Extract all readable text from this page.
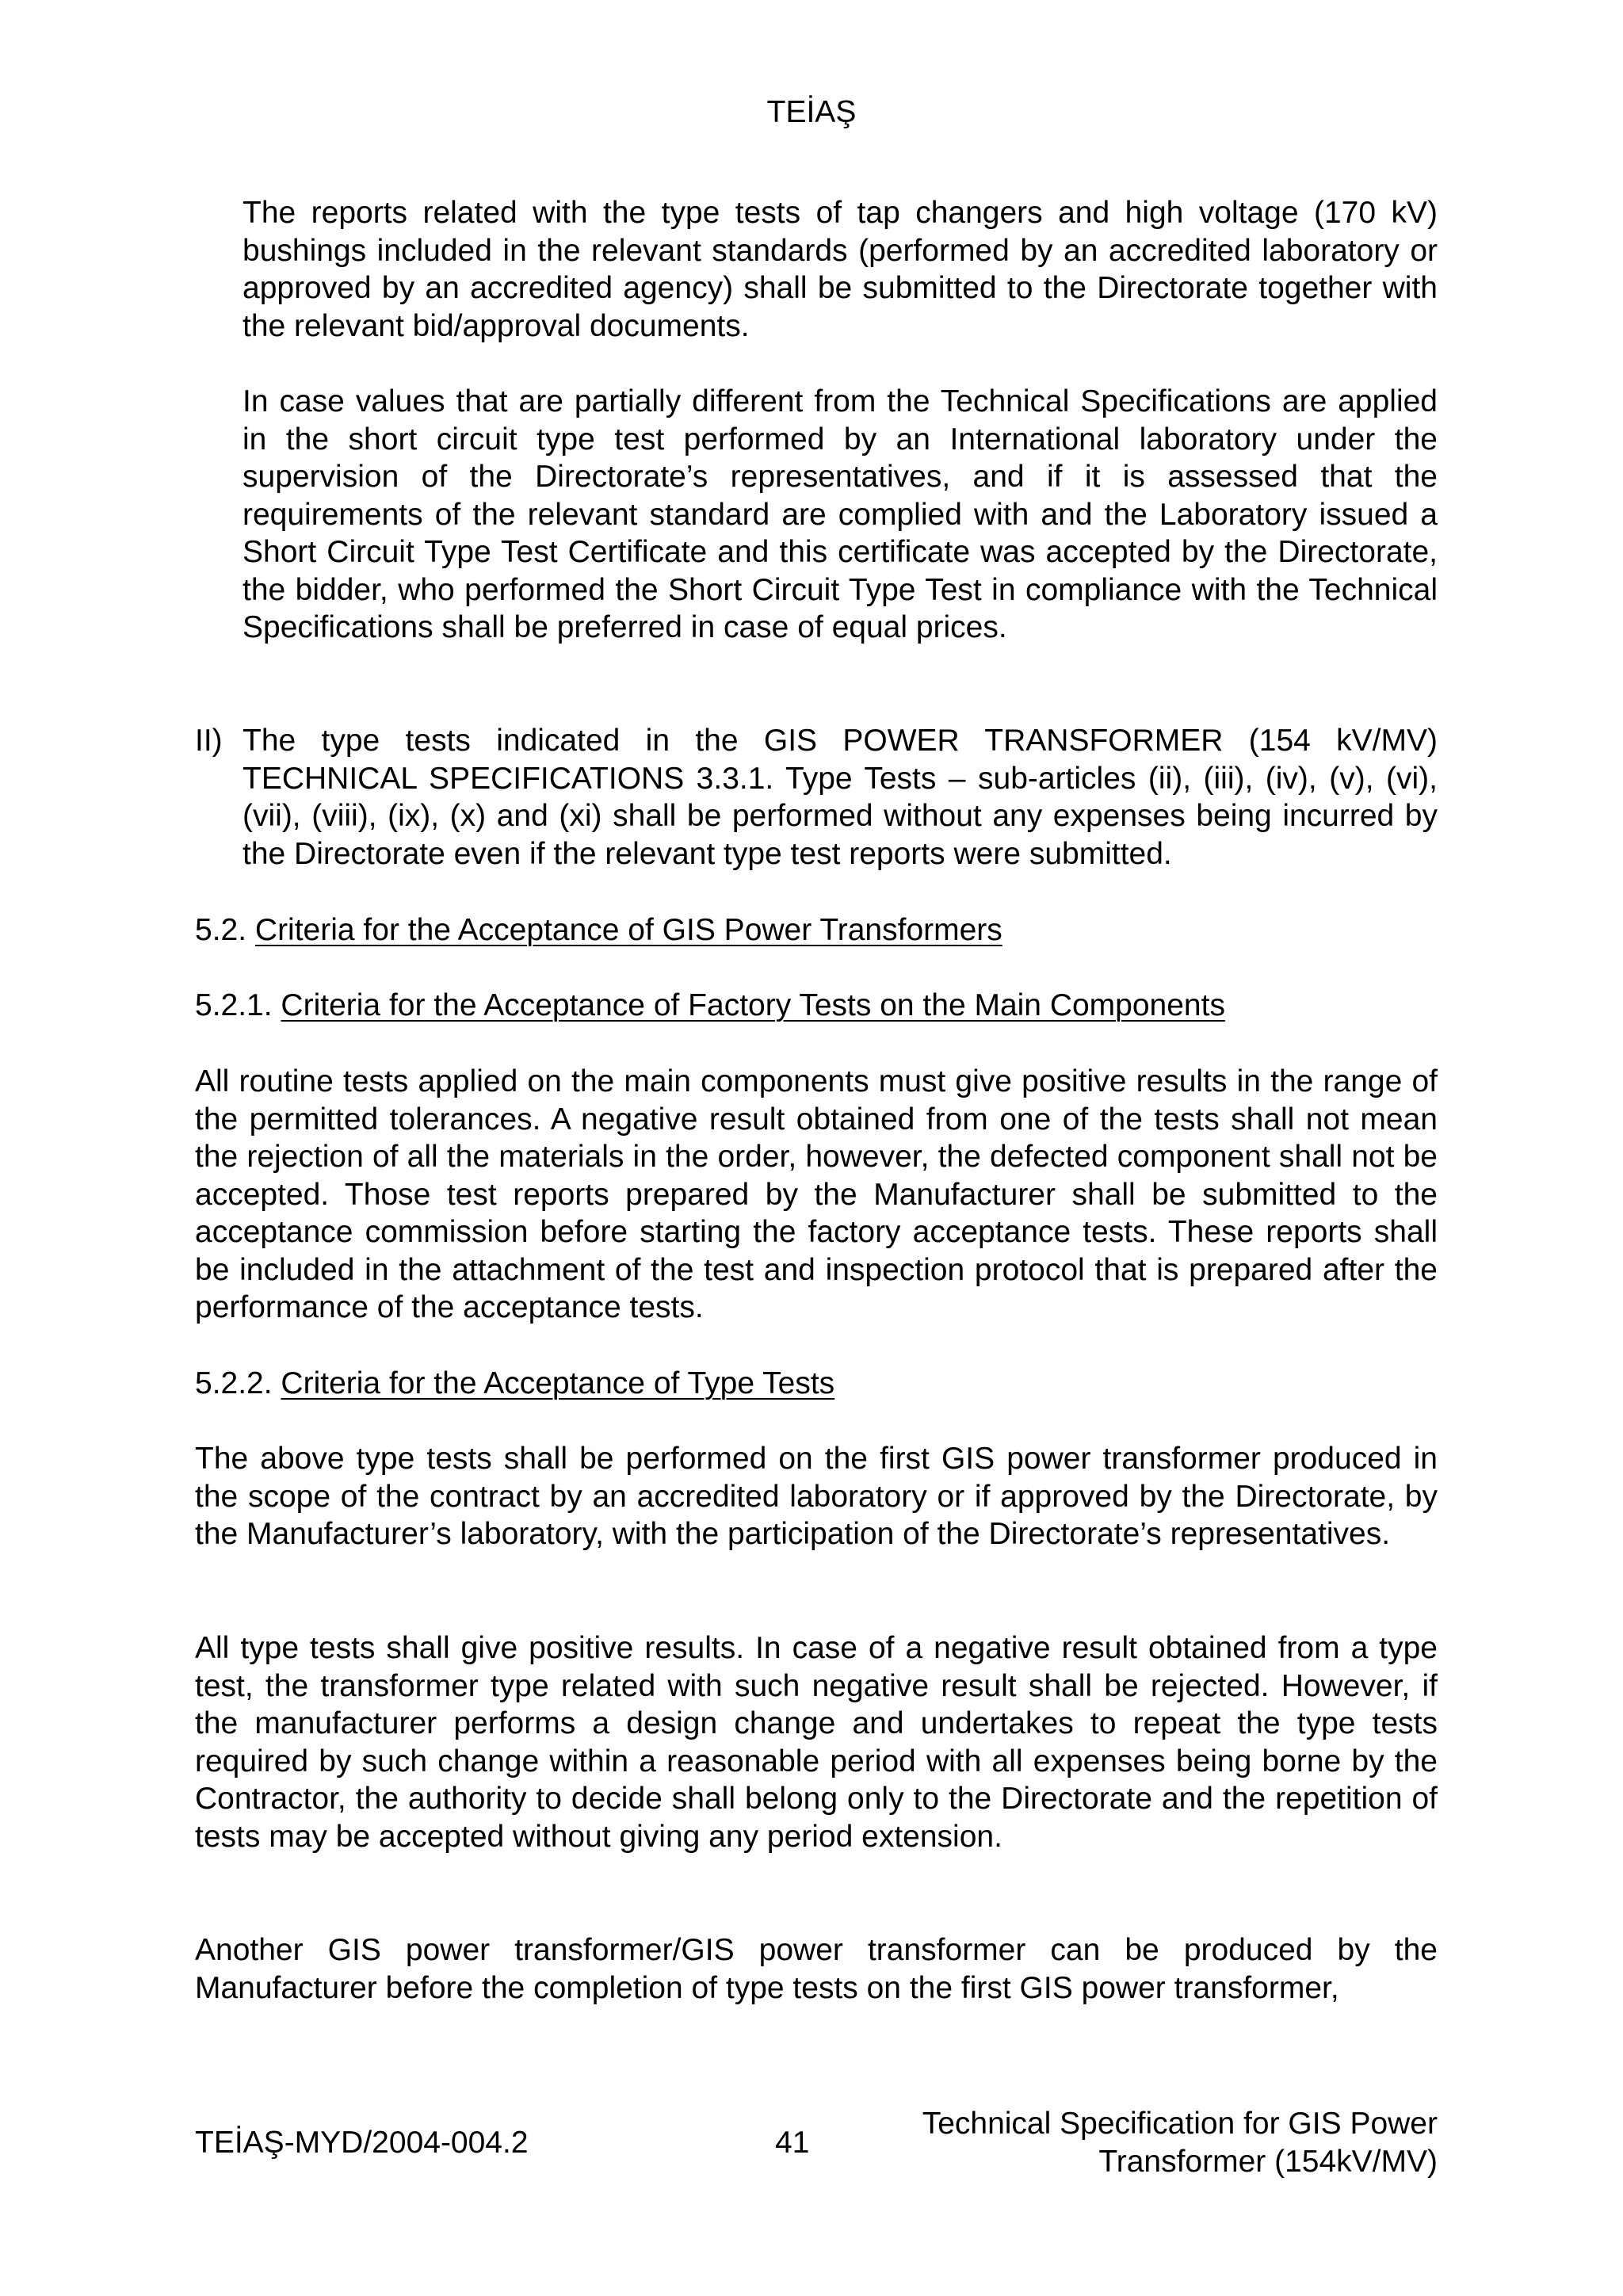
TEİAŞ

The reports related with the type tests of tap changers and high voltage (170 kV) bushings included in the relevant standards (performed by an accredited laboratory or approved by an accredited agency) shall be submitted to the Directorate together with the relevant bid/approval documents.

In case values that are partially different from the Technical Specifications are applied in the short circuit type test performed by an International laboratory under the supervision of the Directorate’s representatives, and if it is assessed that the requirements of the relevant standard are complied with and the Laboratory issued a Short Circuit Type Test Certificate and this certificate was accepted by the Directorate, the bidder, who performed the Short Circuit Type Test in compliance with the Technical Specifications shall be preferred in case of equal prices.

II) The type tests indicated in the GIS POWER TRANSFORMER (154 kV/MV) TECHNICAL SPECIFICATIONS 3.3.1. Type Tests – sub-articles (ii), (iii), (iv), (v), (vi), (vii), (viii), (ix), (x) and (xi) shall be performed without any expenses being incurred by the Directorate even if the relevant type test reports were submitted.

5.2. Criteria for the Acceptance of GIS Power Transformers
5.2.1. Criteria for the Acceptance of Factory Tests on the Main Components

All routine tests applied on the main components must give positive results in the range of the permitted tolerances. A negative result obtained from one of the tests shall not mean the rejection of all the materials in the order, however, the defected component shall not be accepted. Those test reports prepared by the Manufacturer shall be submitted to the acceptance commission before starting the factory acceptance tests. These reports shall be included in the attachment of the test and inspection protocol that is prepared after the performance of the acceptance tests.

5.2.2. Criteria for the Acceptance of Type Tests

The above type tests shall be performed on the first GIS power transformer produced in the scope of the contract by an accredited laboratory or if approved by the Directorate, by the Manufacturer’s laboratory, with the participation of the Directorate’s representatives.

All type tests shall give positive results. In case of a negative result obtained from a type test, the transformer type related with such negative result shall be rejected. However, if the manufacturer performs a design change and undertakes to repeat the type tests required by such change within a reasonable period with all expenses being borne by the Contractor, the authority to decide shall belong only to the Directorate and the repetition of tests may be accepted without giving any period extension.

Another GIS power transformer/GIS power transformer can be produced by the Manufacturer before the completion of type tests on the first GIS power transformer,

TEİAŞ-MYD/2004-004.2	41
Technical Specification for GIS Power
Transformer (154kV/MV)
